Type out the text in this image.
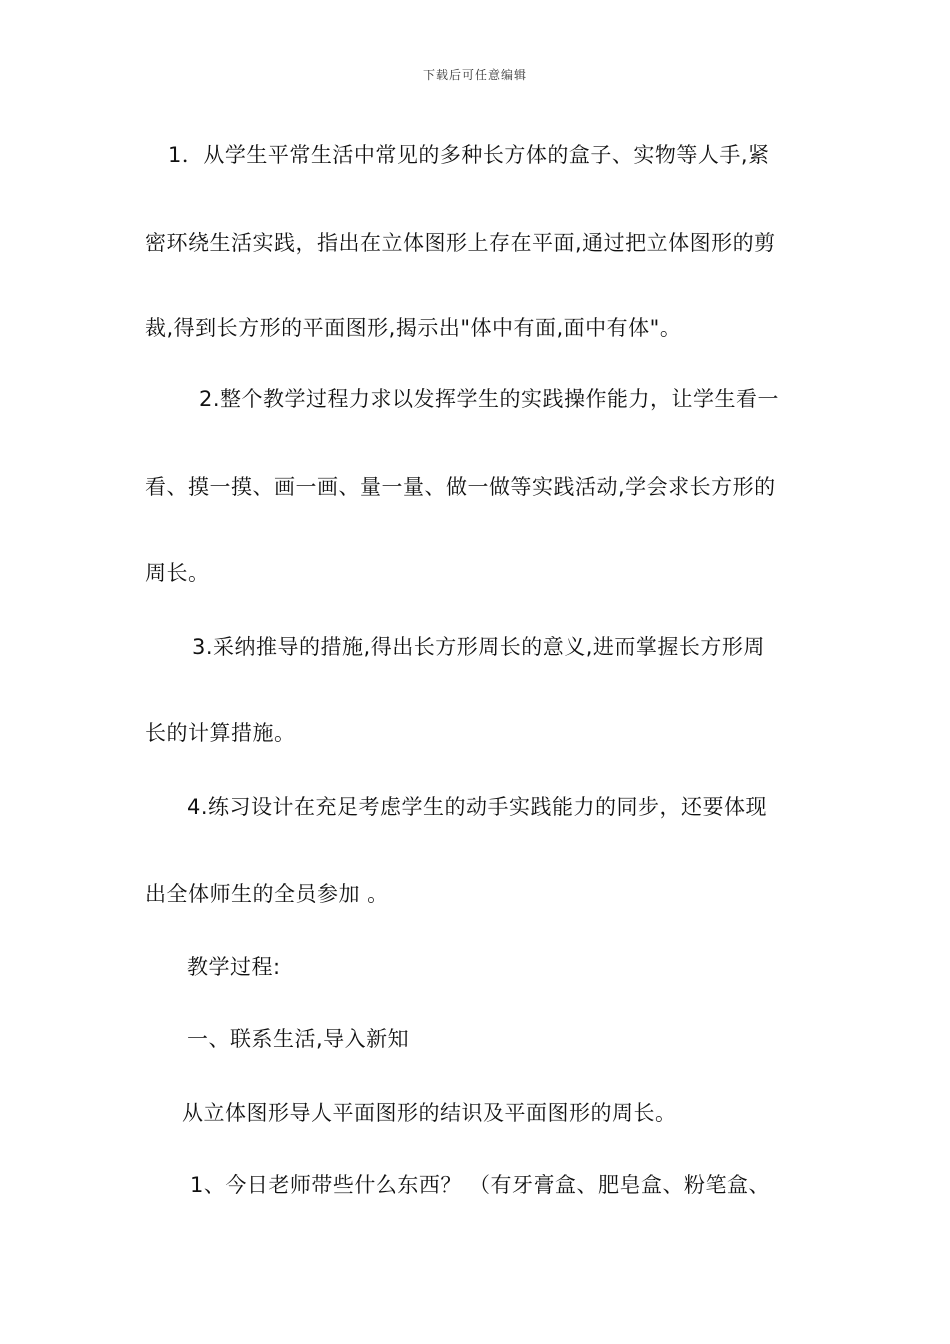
下载后可任意编辑
1．从学生平常生活中常见的多种长方体的盒子、实物等人手,紧
密环绕生活实践，指出在立体图形上存在平面,通过把立体图形的剪
裁,得到长方形的平面图形,揭示出"体中有面,面中有体"。
2.整个教学过程力求以发挥学生的实践操作能力，让学生看一
看、摸一摸、画一画、量一量、做一做等实践活动,学会求长方形的
周长。
3.采纳推导的措施,得出长方形周长的意义,进而掌握长方形周
长的计算措施。
4.练习设计在充足考虑学生的动手实践能力的同步，还要体现
出全体师生的全员参加 。
教学过程:
一、联系生活,导入新知
从立体图形导人平面图形的结识及平面图形的周长。
1、今日老师带些什么东西？ （有牙膏盒、肥皂盒、粉笔盒、
